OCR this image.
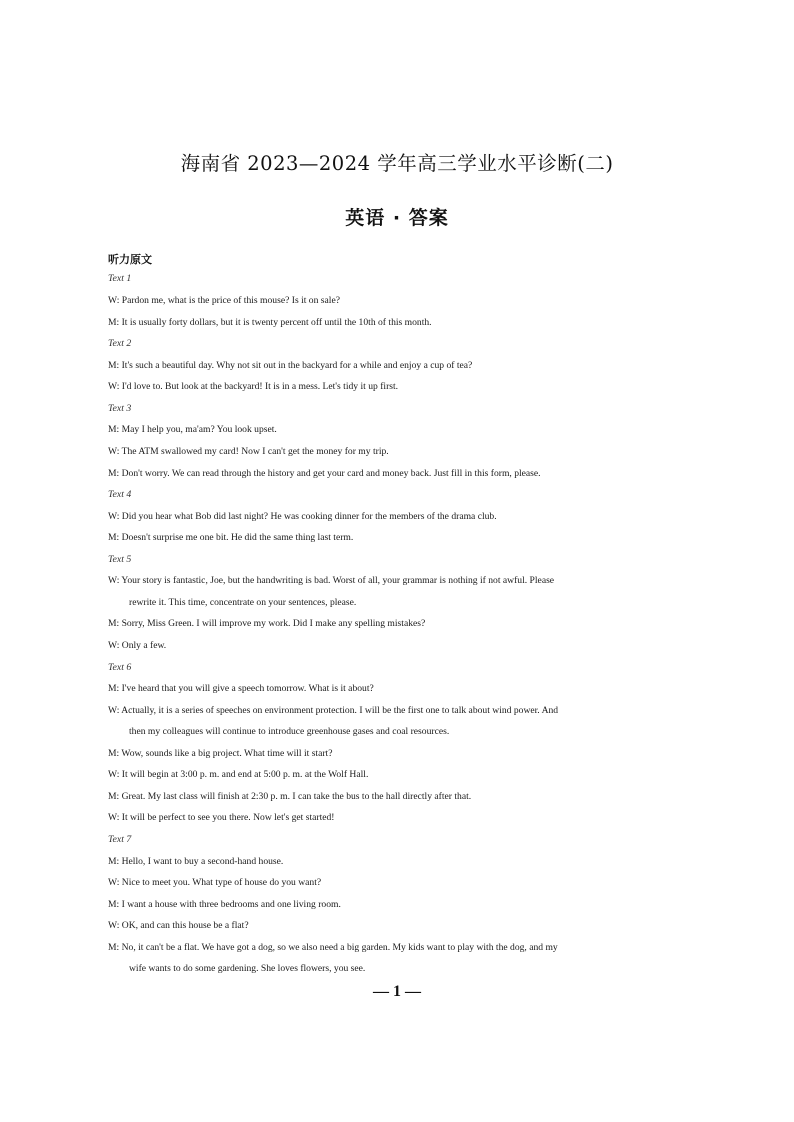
海南省 2023—2024 学年高三学业水平诊断(二)
英语 · 答案
听力原文
Text 1
W: Pardon me, what is the price of this mouse? Is it on sale?
M: It is usually forty dollars, but it is twenty percent off until the 10th of this month.
Text 2
M: It's such a beautiful day. Why not sit out in the backyard for a while and enjoy a cup of tea?
W: I'd love to. But look at the backyard! It is in a mess. Let's tidy it up first.
Text 3
M: May I help you, ma'am? You look upset.
W: The ATM swallowed my card! Now I can't get the money for my trip.
M: Don't worry. We can read through the history and get your card and money back. Just fill in this form, please.
Text 4
W: Did you hear what Bob did last night? He was cooking dinner for the members of the drama club.
M: Doesn't surprise me one bit. He did the same thing last term.
Text 5
W: Your story is fantastic, Joe, but the handwriting is bad. Worst of all, your grammar is nothing if not awful. Please
rewrite it. This time, concentrate on your sentences, please.
M: Sorry, Miss Green. I will improve my work. Did I make any spelling mistakes?
W: Only a few.
Text 6
M: I've heard that you will give a speech tomorrow. What is it about?
W: Actually, it is a series of speeches on environment protection. I will be the first one to talk about wind power. And
then my colleagues will continue to introduce greenhouse gases and coal resources.
M: Wow, sounds like a big project. What time will it start?
W: It will begin at 3:00 p. m. and end at 5:00 p. m. at the Wolf Hall.
M: Great. My last class will finish at 2:30 p. m. I can take the bus to the hall directly after that.
W: It will be perfect to see you there. Now let's get started!
Text 7
M: Hello, I want to buy a second-hand house.
W: Nice to meet you. What type of house do you want?
M: I want a house with three bedrooms and one living room.
W: OK, and can this house be a flat?
M: No, it can't be a flat. We have got a dog, so we also need a big garden. My kids want to play with the dog, and my
wife wants to do some gardening. She loves flowers, you see.
— 1 —
